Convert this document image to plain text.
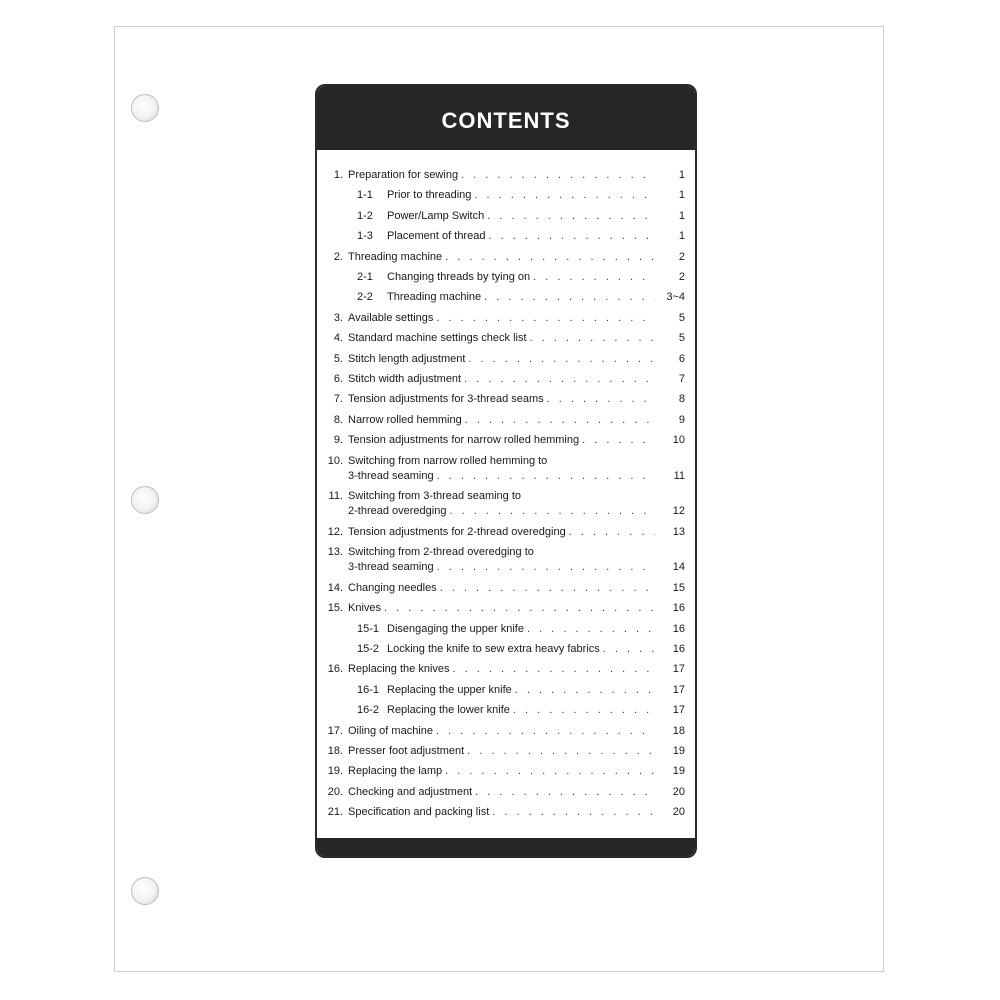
CONTENTS
1. Preparation for sewing . . .	1
1-1	Prior to threading . . .	1
1-2	Power/Lamp Switch . . .	1
1-3	Placement of thread . . .	1
2. Threading machine . . .	2
2-1	Changing threads by tying on . . .	2
2-2	Threading machine . . .	3~4
3. Available settings . . .	5
4. Standard machine settings check list . . .	5
5. Stitch length adjustment . . .	6
6. Stitch width adjustment . . .	7
7. Tension adjustments for 3-thread seams . . .	8
8. Narrow rolled hemming . . .	9
9. Tension adjustments for narrow rolled hemming . . .	10
10. Switching from narrow rolled hemming to
3-thread seaming . . .	11
11. Switching from 3-thread seaming to
2-thread overedging . . .	12
12. Tension adjustments for 2-thread overedging . . .	13
13. Switching from 2-thread overedging to
3-thread seaming . . .	14
14. Changing needles . . .	15
15. Knives . . .	16
15-1 Disengaging the upper knife . . .	16
15-2 Locking the knife to sew extra heavy fabrics . . .	16
16. Replacing the knives . . .	17
16-1 Replacing the upper knife . . .	17
16-2 Replacing the lower knife . . .	17
17. Oiling of machine . . .	18
18. Presser foot adjustment . . .	19
19. Replacing the lamp . . .	19
20. Checking and adjustment . . .	20
21. Specification and packing list . . .	20
